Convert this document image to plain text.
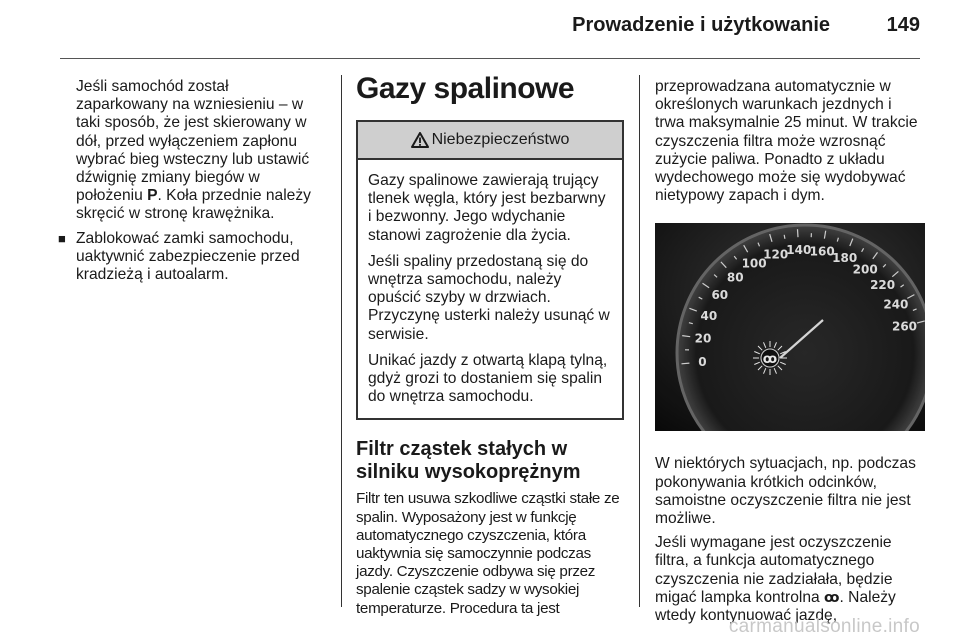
Prowadzenie i użytkowanie	149

Jeśli samochód został zaparkowany na wzniesieniu – w taki sposób, że jest skierowany w dół, przed wyłączeniem zapłonu wybrać bieg wsteczny lub ustawić dźwignię zmiany biegów w położeniu P. Koła przednie należy skręcić w stronę krawężnika.

■ Zablokować zamki samochodu, uaktywnić zabezpieczenie przed kradzieżą i autoalarm.

Gazy spalinowe
Niebezpieczeństwo

Gazy spalinowe zawierają trujący tlenek węgla, który jest bezbarwny i bezwonny. Jego wdychanie stanowi zagrożenie dla życia.

Jeśli spaliny przedostaną się do wnętrza samochodu, należy opuścić szyby w drzwiach. Przyczynę usterki należy usunąć w serwisie.

Unikać jazdy z otwartą klapą tylną, gdyż grozi to dostaniem się spalin do wnętrza samochodu.

Filtr cząstek stałych w silniku wysokoprężnym

Filtr ten usuwa szkodliwe cząstki stałe ze spalin. Wyposażony jest w funkcję automatycznego czyszczenia, która uaktywnia się samoczynnie podczas jazdy. Czyszczenie odbywa się przez spalenie cząstek sadzy w wysokiej temperaturze. Procedura ta jest

przeprowadzana automatycznie w określonych warunkach jezdnych i trwa maksymalnie 25 minut. W trakcie czyszczenia filtra może wzrosnąć zużycie paliwa. Ponadto z układu wydechowego może się wydobywać nietypowy zapach i dym.

0
20
40
60
80
100
120
140
160
180
200
220
240
260
ꝏ

W niektórych sytuacjach, np. podczas pokonywania krótkich odcinków, samoistne oczyszczenie filtra nie jest możliwe.

Jeśli wymagane jest oczyszczenie filtra, a funkcja automatycznego czyszczenia nie zadziałała, będzie migać lampka kontrolna ꝏ. Należy wtedy kontynuować jazdę,

carmanualsonline.info
